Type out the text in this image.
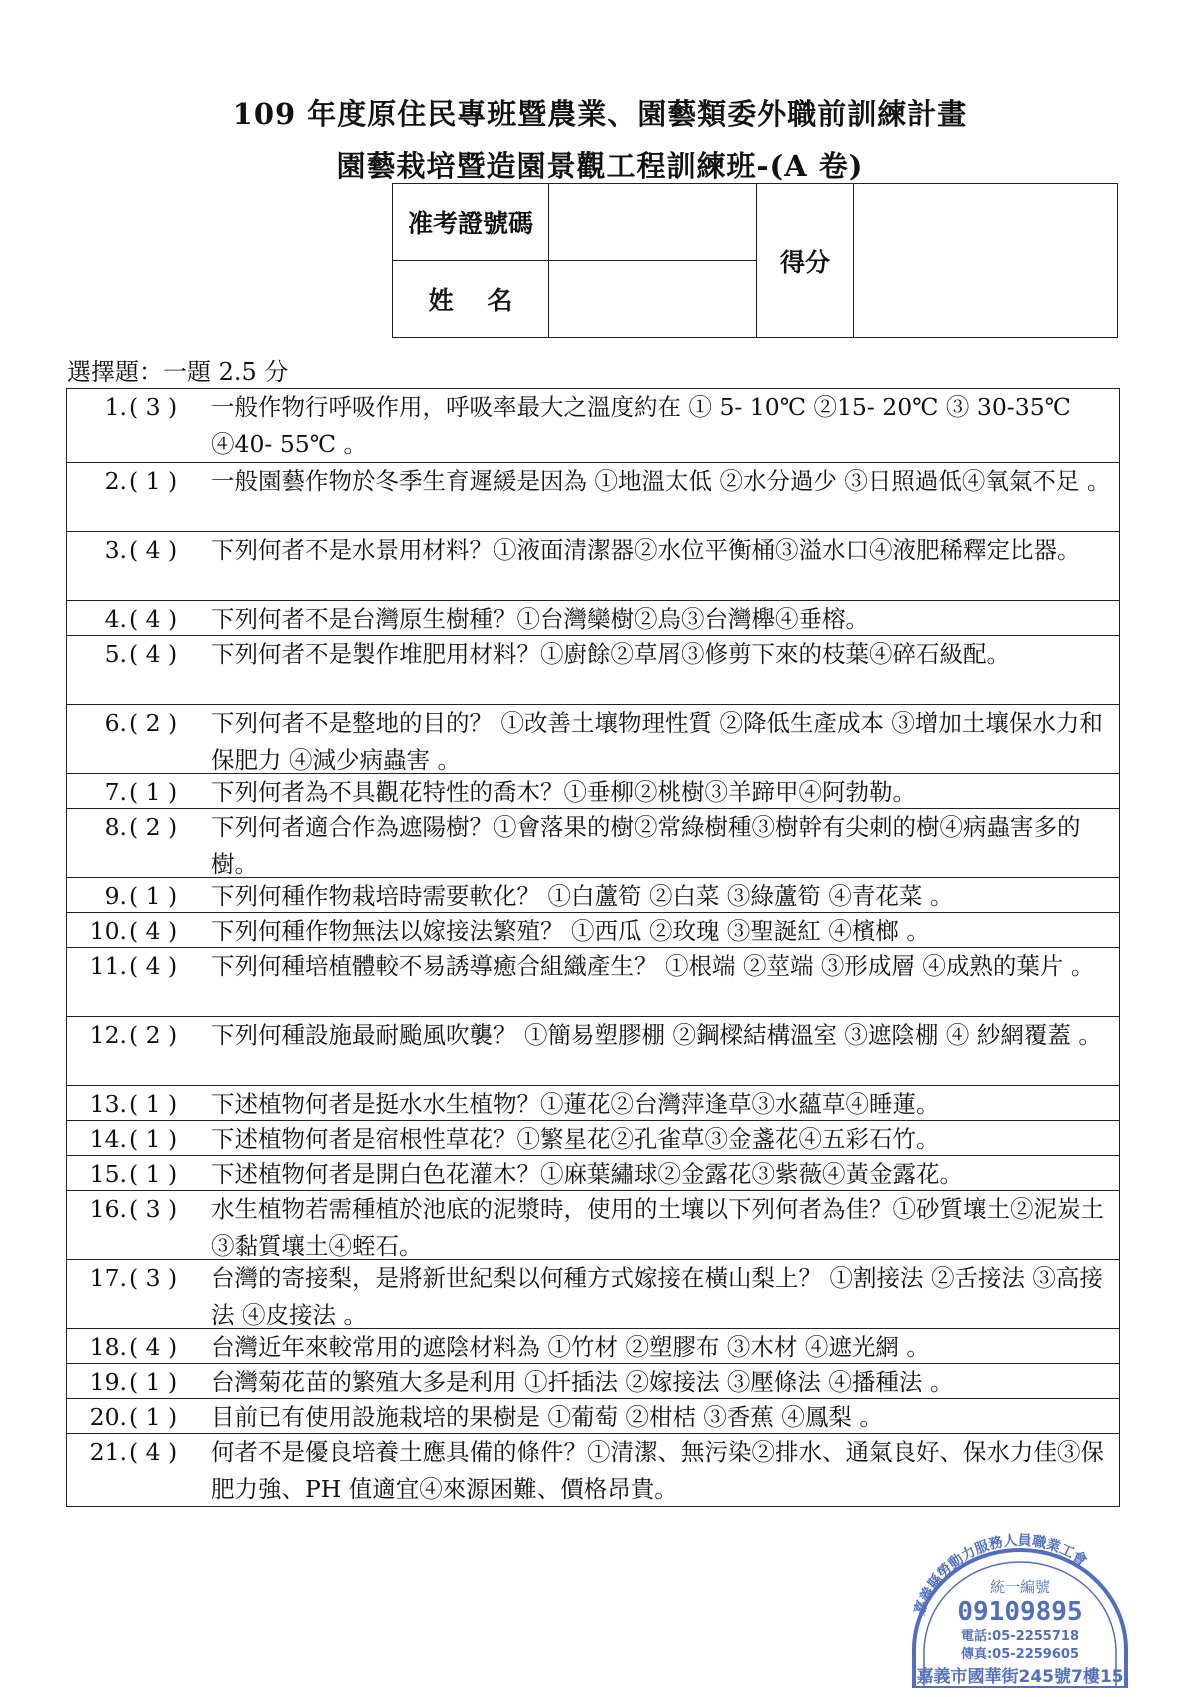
109 年度原住民專班暨農業、園藝類委外職前訓練計畫
園藝栽培暨造園景觀工程訓練班-(A 卷)
准考證號碼		得分	
姓　 名			
選擇題：一題 2.5 分
1. ( 3 )	一般作物行呼吸作用，呼吸率最大之溫度約在 ① 5- 10℃ ②15- 20℃ ③ 30-35℃ ④40- 55℃ 。
2. ( 1 )	一般園藝作物於冬季生育遲緩是因為 ①地溫太低 ②水分過少 ③日照過低④氧氣不足 。
3. ( 4 )	下列何者不是水景用材料？①液面清潔器②水位平衡桶③溢水口④液肥稀釋定比器。
4. ( 4 )	下列何者不是台灣原生樹種？①台灣欒樹②烏③台灣櫸④垂榕。
5. ( 4 )	下列何者不是製作堆肥用材料？①廚餘②草屑③修剪下來的枝葉④碎石級配。
6. ( 2 )	下列何者不是整地的目的？ ①改善土壤物理性質 ②降低生產成本 ③增加土壤保水力和保肥力 ④減少病蟲害 。
7. ( 1 )	下列何者為不具觀花特性的喬木？①垂柳②桃樹③羊蹄甲④阿勃勒。
8. ( 2 )	下列何者適合作為遮陽樹？①會落果的樹②常綠樹種③樹幹有尖刺的樹④病蟲害多的樹。
9. ( 1 )	下列何種作物栽培時需要軟化？ ①白蘆筍 ②白菜 ③綠蘆筍 ④青花菜 。
10. ( 4 )	下列何種作物無法以嫁接法繁殖？ ①西瓜 ②玫瑰 ③聖誕紅 ④檳榔 。
11. ( 4 )	下列何種培植體較不易誘導癒合組織產生？ ①根端 ②莖端 ③形成層 ④成熟的葉片 。
12. ( 2 )	下列何種設施最耐颱風吹襲？ ①簡易塑膠棚 ②鋼樑結構溫室 ③遮陰棚 ④ 紗網覆蓋 。
13. ( 1 )	下述植物何者是挺水水生植物？①蓮花②台灣萍逢草③水蘊草④睡蓮。
14. ( 1 )	下述植物何者是宿根性草花？①繁星花②孔雀草③金盞花④五彩石竹。
15. ( 1 )	下述植物何者是開白色花灌木？①麻葉繡球②金露花③紫薇④黃金露花。
16. ( 3 )	水生植物若需種植於池底的泥漿時，使用的土壤以下列何者為佳？①砂質壤土②泥炭土③黏質壤土④蛭石。
17. ( 3 )	台灣的寄接梨，是將新世紀梨以何種方式嫁接在橫山梨上？ ①割接法 ②舌接法 ③高接法 ④皮接法 。
18. ( 4 )	台灣近年來較常用的遮陰材料為 ①竹材 ②塑膠布 ③木材 ④遮光網 。
19. ( 1 )	台灣菊花苗的繁殖大多是利用 ①扦插法 ②嫁接法 ③壓條法 ④播種法 。
20. ( 1 )	目前已有使用設施栽培的果樹是 ①葡萄 ②柑桔 ③香蕉 ④鳳梨 。
21. ( 4 )	何者不是優良培養土應具備的條件？①清潔、無污染②排水、通氣良好、保水力佳③保肥力強、PH 值適宜④來源困難、價格昂貴。
嘉義縣勞動力服務人員職業工會
統一編號
09109895
電話:05-2255718
傳真:05-2259605
嘉義市國華街245號7樓15
